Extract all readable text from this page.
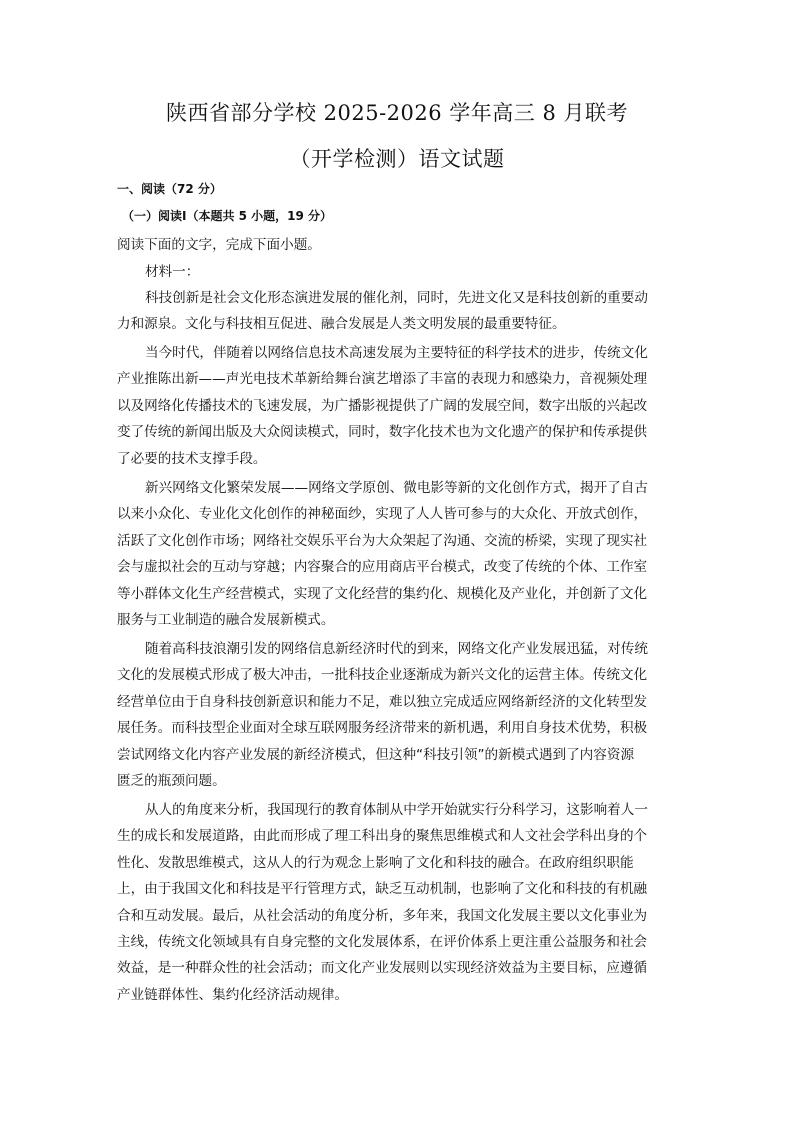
陕西省部分学校 2025-2026 学年高三 8 月联考
（开学检测）语文试题
一、阅读（72 分）
（一）阅读Ⅰ（本题共 5 小题，19 分）
阅读下面的文字，完成下面小题。
材料一：
科技创新是社会文化形态演进发展的催化剂，同时，先进文化又是科技创新的重要动
力和源泉。文化与科技相互促进、融合发展是人类文明发展的最重要特征。
当今时代，伴随着以网络信息技术高速发展为主要特征的科学技术的进步，传统文化
产业推陈出新——声光电技术革新给舞台演艺增添了丰富的表现力和感染力，音视频处理
以及网络化传播技术的飞速发展，为广播影视提供了广阔的发展空间，数字出版的兴起改
变了传统的新闻出版及大众阅读模式，同时，数字化技术也为文化遗产的保护和传承提供
了必要的技术支撑手段。
新兴网络文化繁荣发展——网络文学原创、微电影等新的文化创作方式，揭开了自古
以来小众化、专业化文化创作的神秘面纱，实现了人人皆可参与的大众化、开放式创作，
活跃了文化创作市场；网络社交娱乐平台为大众架起了沟通、交流的桥梁，实现了现实社
会与虚拟社会的互动与穿越；内容聚合的应用商店平台模式，改变了传统的个体、工作室
等小群体文化生产经营模式，实现了文化经营的集约化、规模化及产业化，并创新了文化
服务与工业制造的融合发展新模式。
随着高科技浪潮引发的网络信息新经济时代的到来，网络文化产业发展迅猛，对传统
文化的发展模式形成了极大冲击，一批科技企业逐渐成为新兴文化的运营主体。传统文化
经营单位由于自身科技创新意识和能力不足，难以独立完成适应网络新经济的文化转型发
展任务。而科技型企业面对全球互联网服务经济带来的新机遇，利用自身技术优势，积极
尝试网络文化内容产业发展的新经济模式，但这种“科技引领”的新模式遇到了内容资源
匮乏的瓶颈问题。
从人的角度来分析，我国现行的教育体制从中学开始就实行分科学习，这影响着人一
生的成长和发展道路，由此而形成了理工科出身的聚焦思维模式和人文社会学科出身的个
性化、发散思维模式，这从人的行为观念上影响了文化和科技的融合。在政府组织职能
上，由于我国文化和科技是平行管理方式，缺乏互动机制，也影响了文化和科技的有机融
合和互动发展。最后，从社会活动的角度分析，多年来，我国文化发展主要以文化事业为
主线，传统文化领域具有自身完整的文化发展体系，在评价体系上更注重公益服务和社会
效益，是一种群众性的社会活动；而文化产业发展则以实现经济效益为主要目标，应遵循
产业链群体性、集约化经济活动规律。
